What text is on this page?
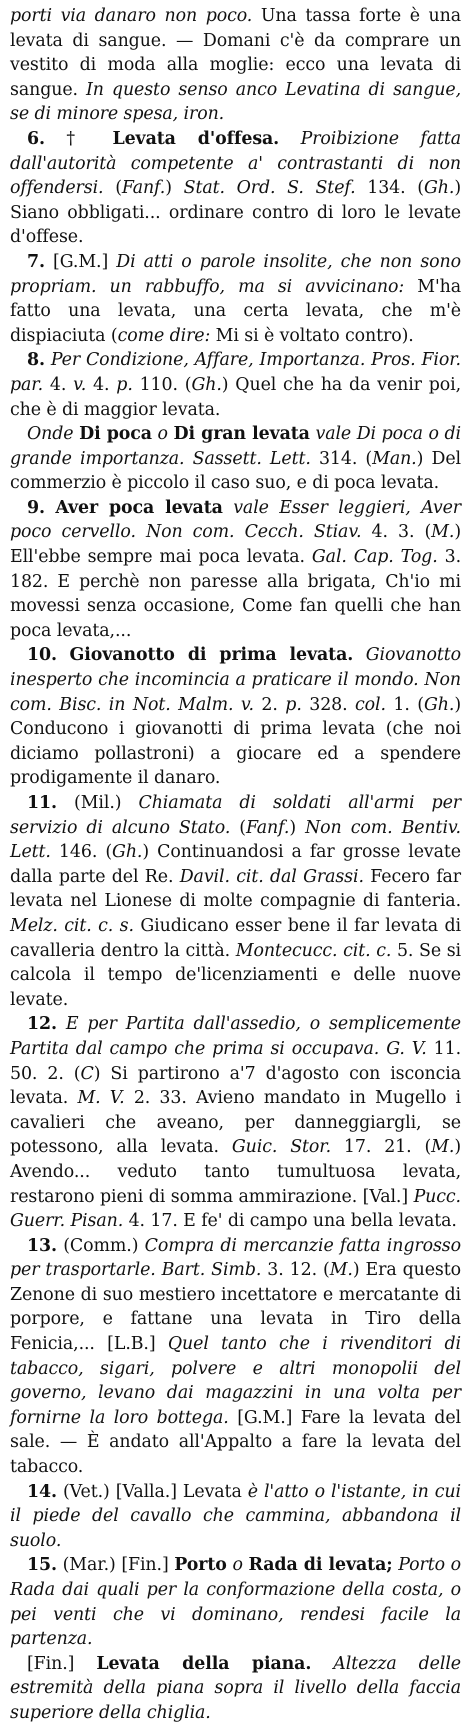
porti via danaro non poco. Una tassa forte è una levata di sangue. — Domani c'è da comprare un vestito di moda alla moglie: ecco una levata di sangue. In questo senso anco Levatina di sangue, se di minore spesa, iron.

6. † Levata d'offesa. Proibizione fatta dall'autorità competente a' contrastanti di non offendersi. (Fanf.) Stat. Ord. S. Stef. 134. (Gh.) Siano obbligati... ordinare contro di loro le levate d'offese.

7. [G.M.] Di atti o parole insolite, che non sono propriam. un rabbuffo, ma si avvicinano: M'ha fatto una levata, una certa levata, che m'è dispiaciuta (come dire: Mi si è voltato contro).

8. Per Condizione, Affare, Importanza. Pros. Fior. par. 4. v. 4. p. 110. (Gh.) Quel che ha da venir poi, che è di maggior levata.

Onde Di poca o Di gran levata vale Di poca o di grande importanza. Sassett. Lett. 314. (Man.) Del commerzio è piccolo il caso suo, e di poca levata.

9. Aver poca levata vale Esser leggieri, Aver poco cervello. Non com. Cecch. Stiav. 4. 3. (M.) Ell'ebbe sempre mai poca levata. Gal. Cap. Tog. 3. 182. E perchè non paresse alla brigata, Ch'io mi movessi senza occasione, Come fan quelli che han poca levata,...

10. Giovanotto di prima levata. Giovanotto inesperto che incomincia a praticare il mondo. Non com. Bisc. in Not. Malm. v. 2. p. 328. col. 1. (Gh.) Conducono i giovanotti di prima levata (che noi diciamo pollastroni) a giocare ed a spendere prodigamente il danaro.

11. (Mil.) Chiamata di soldati all'armi per servizio di alcuno Stato. (Fanf.) Non com. Bentiv. Lett. 146. (Gh.) Continuandosi a far grosse levate dalla parte del Re. Davil. cit. dal Grassi. Fecero far levata nel Lionese di molte compagnie di fanteria. Melz. cit. c. s. Giudicano esser bene il far levata di cavalleria dentro la città. Montecucc. cit. c. 5. Se si calcola il tempo de'licenziamenti e delle nuove levate.

12. E per Partita dall'assedio, o semplicemente Partita dal campo che prima si occupava. G. V. 11. 50. 2. (C) Si partirono a'7 d'agosto con isconcia levata. M. V. 2. 33. Avieno mandato in Mugello i cavalieri che aveano, per danneggiargli, se potessono, alla levata. Guic. Stor. 17. 21. (M.) Avendo... veduto tanto tumultuosa levata, restarono pieni di somma ammirazione. [Val.] Pucc. Guerr. Pisan. 4. 17. E fe' di campo una bella levata.

13. (Comm.) Compra di mercanzie fatta ingrosso per trasportarle. Bart. Simb. 3. 12. (M.) Era questo Zenone di suo mestiero incettatore e mercatante di porpore, e fattane una levata in Tiro della Fenicia,... [L.B.] Quel tanto che i rivenditori di tabacco, sigari, polvere e altri monopolii del governo, levano dai magazzini in una volta per fornirne la loro bottega. [G.M.] Fare la levata del sale. — È andato all'Appalto a fare la levata del tabacco.

14. (Vet.) [Valla.] Levata è l'atto o l'istante, in cui il piede del cavallo che cammina, abbandona il suolo.

15. (Mar.) [Fin.] Porto o Rada di levata; Porto o Rada dai quali per la conformazione della costa, o pei venti che vi dominano, rendesi facile la partenza.

[Fin.] Levata della piana. Altezza delle estremità della piana sopra il livello della faccia superiore della chiglia.
